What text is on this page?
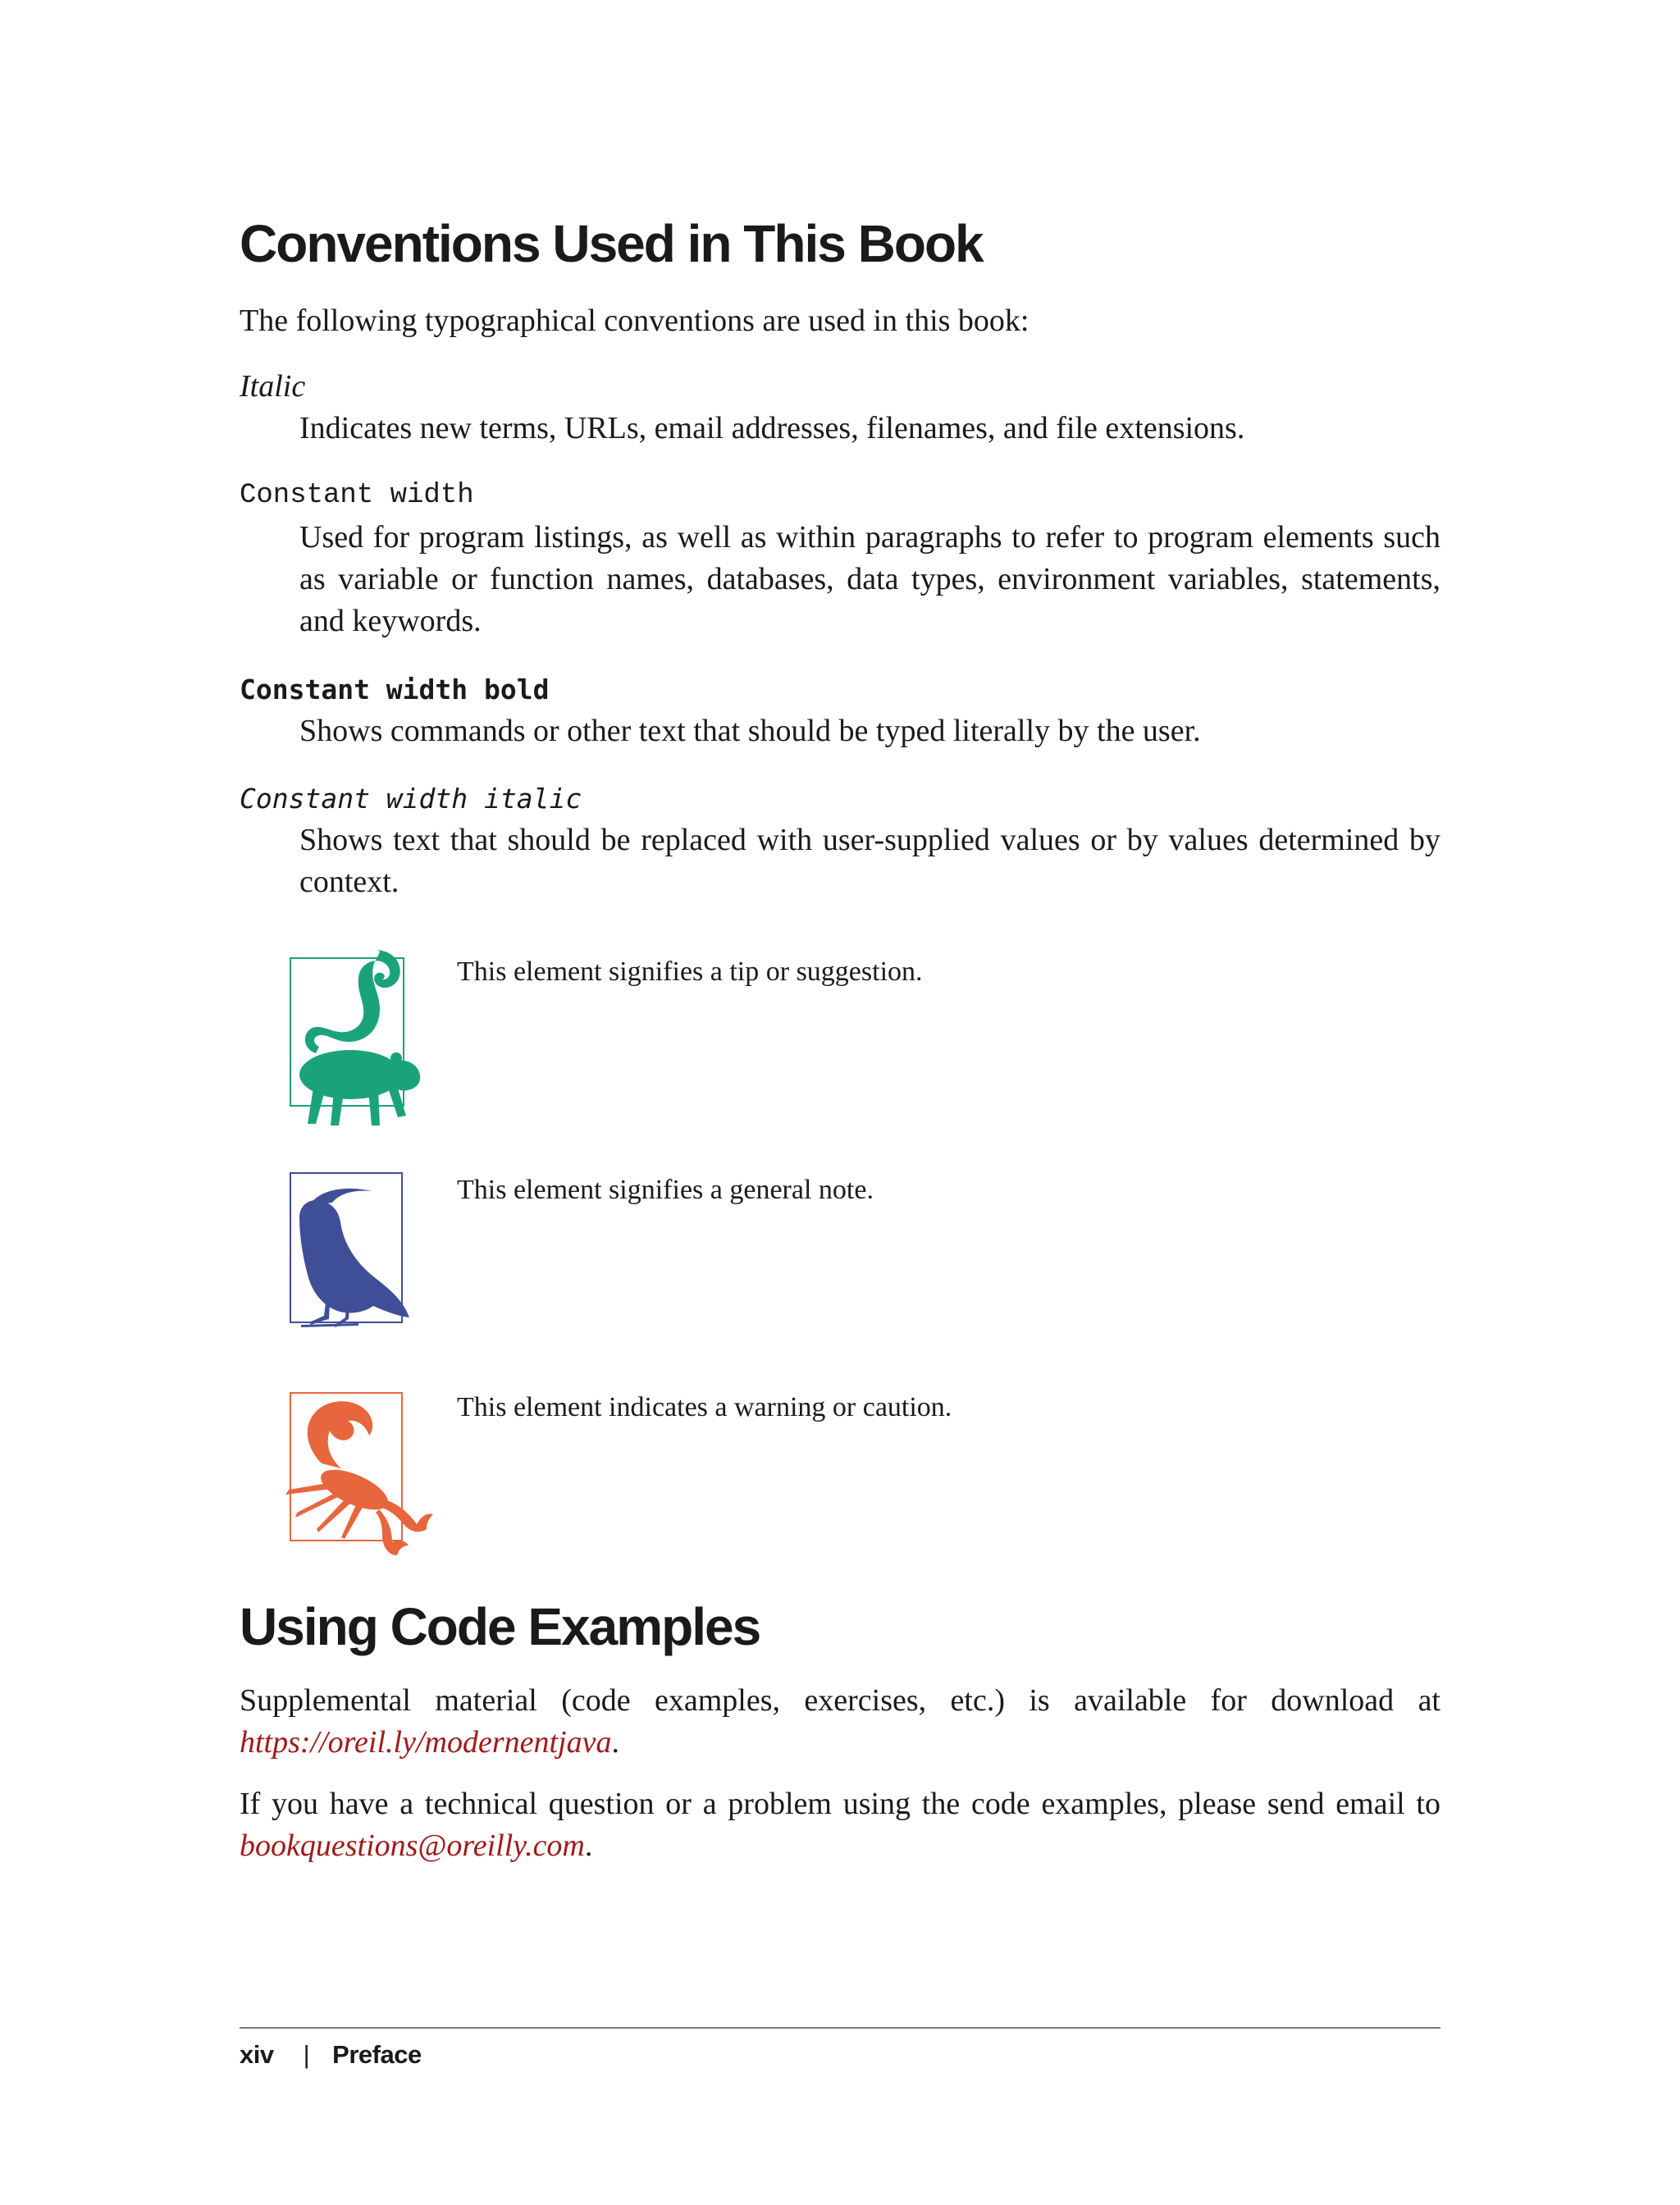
Conventions Used in This Book

The following typographical conventions are used in this book:

Italic

Indicates new terms, URLs, email addresses, filenames, and file extensions.

Constant width

Used for program listings, as well as within paragraphs to refer to program elements such as variable or function names, databases, data types, environment variables, statements, and keywords.

Constant width bold

Shows commands or other text that should be typed literally by the user.

Constant width italic

Shows text that should be replaced with user-supplied values or by values determined by context.

This element signifies a tip or suggestion.
This element signifies a general note.
This element indicates a warning or caution.
Using Code Examples

Supplemental material (code examples, exercises, etc.) is available for download at https://oreil.ly/modernentjava.

If you have a technical question or a problem using the code examples, please send email to bookquestions@oreilly.com.

xiv | Preface
